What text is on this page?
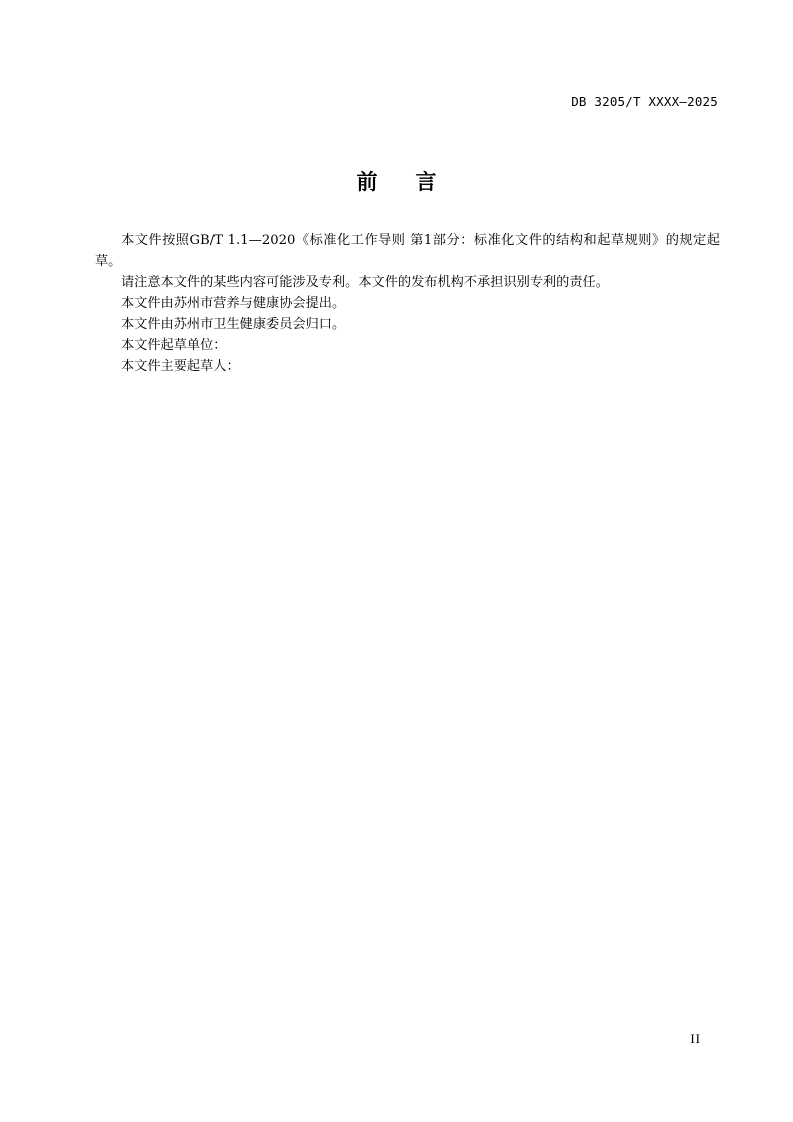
DB 3205/T XXXX—2025
前言

本文件按照GB/T 1.1—2020《标准化工作导则 第1部分：标准化文件的结构和起草规则》的规定起草。

请注意本文件的某些内容可能涉及专利。本文件的发布机构不承担识别专利的责任。

本文件由苏州市营养与健康协会提出。

本文件由苏州市卫生健康委员会归口。

本文件起草单位：

本文件主要起草人：

II
